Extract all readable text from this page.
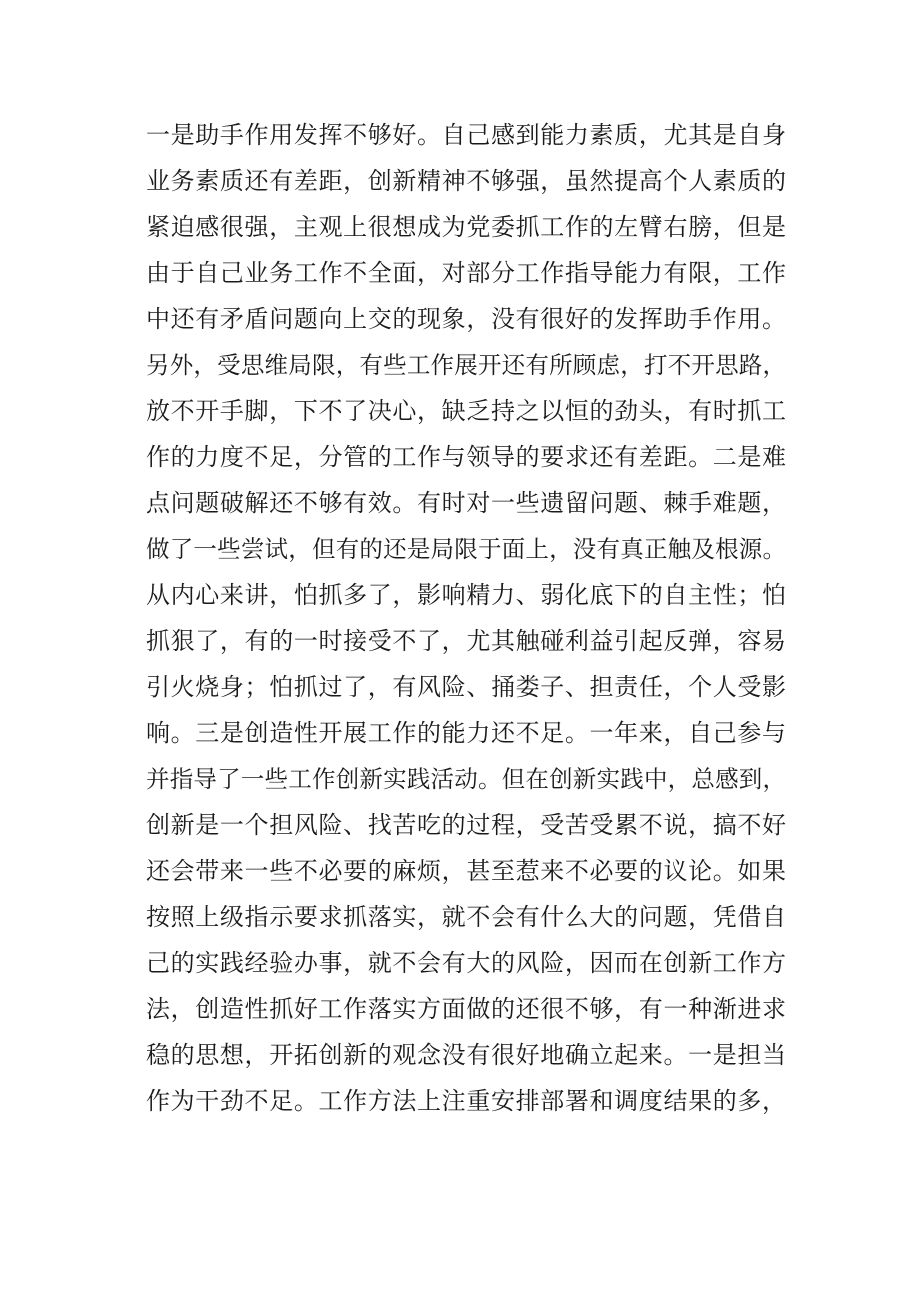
一是助手作用发挥不够好。自己感到能力素质，尤其是自身
业务素质还有差距，创新精神不够强，虽然提高个人素质的
紧迫感很强，主观上很想成为党委抓工作的左臂右膀，但是
由于自己业务工作不全面，对部分工作指导能力有限，工作
中还有矛盾问题向上交的现象，没有很好的发挥助手作用。
另外，受思维局限，有些工作展开还有所顾虑，打不开思路，
放不开手脚，下不了决心，缺乏持之以恒的劲头，有时抓工
作的力度不足，分管的工作与领导的要求还有差距。二是难
点问题破解还不够有效。有时对一些遗留问题、棘手难题，
做了一些尝试，但有的还是局限于面上，没有真正触及根源。
从内心来讲，怕抓多了，影响精力、弱化底下的自主性；怕
抓狠了，有的一时接受不了，尤其触碰利益引起反弹，容易
引火烧身；怕抓过了，有风险、捅娄子、担责任，个人受影
响。三是创造性开展工作的能力还不足。一年来，自己参与
并指导了一些工作创新实践活动。但在创新实践中，总感到，
创新是一个担风险、找苦吃的过程，受苦受累不说，搞不好
还会带来一些不必要的麻烦，甚至惹来不必要的议论。如果
按照上级指示要求抓落实，就不会有什么大的问题，凭借自
己的实践经验办事，就不会有大的风险，因而在创新工作方
法，创造性抓好工作落实方面做的还很不够，有一种渐进求
稳的思想，开拓创新的观念没有很好地确立起来。一是担当
作为干劲不足。工作方法上注重安排部署和调度结果的多，
